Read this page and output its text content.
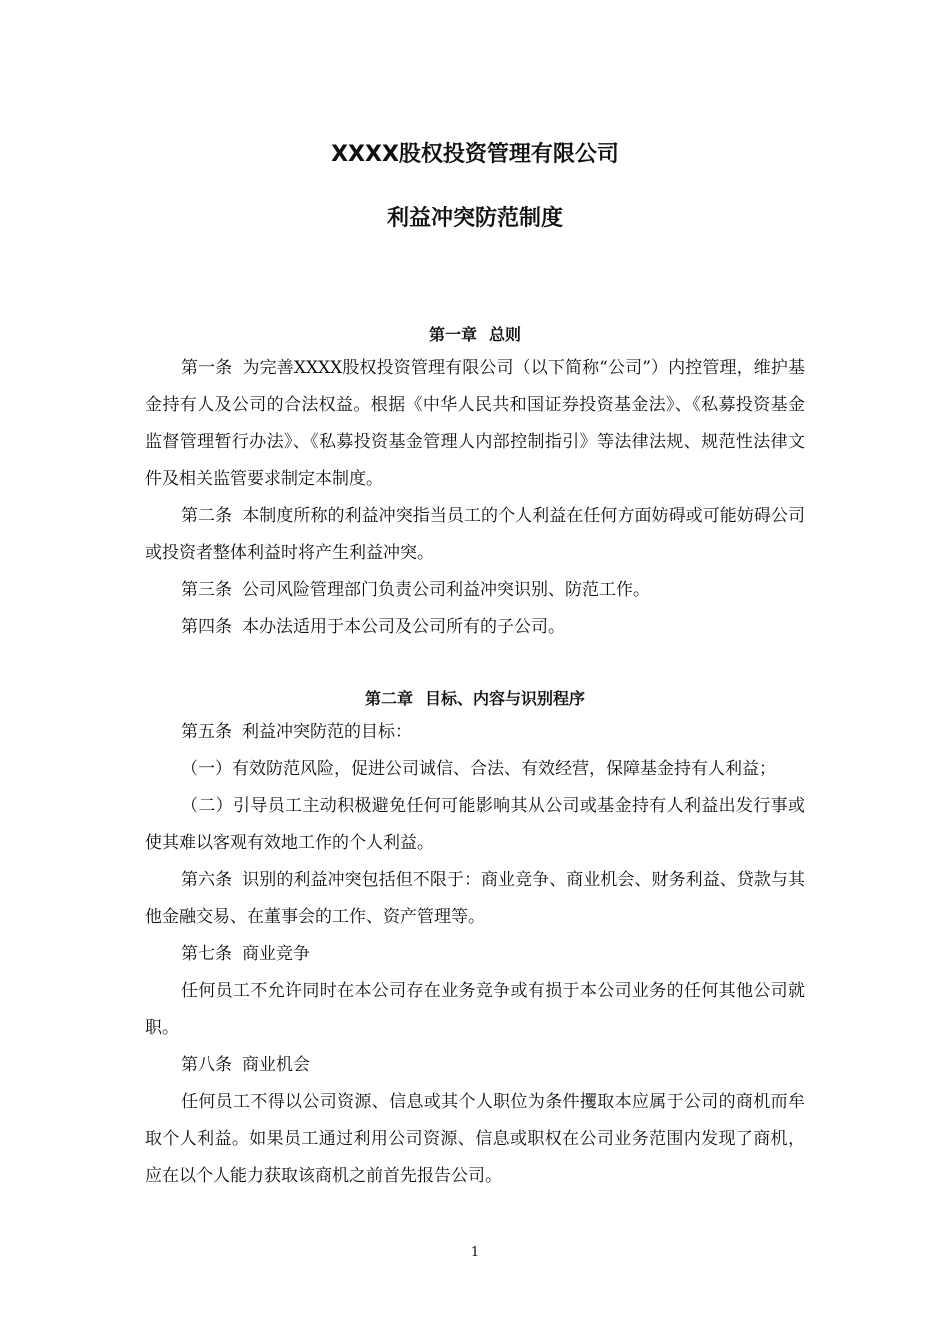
XXXX股权投资管理有限公司
利益冲突防范制度
第一章 总则

第一条 为完善XXXX股权投资管理有限公司（以下简称“公司”）内控管理，维护基金持有人及公司的合法权益。根据《中华人民共和国证券投资基金法》、《私募投资基金监督管理暂行办法》、《私募投资基金管理人内部控制指引》等法律法规、规范性法律文件及相关监管要求制定本制度。

第二条 本制度所称的利益冲突指当员工的个人利益在任何方面妨碍或可能妨碍公司或投资者整体利益时将产生利益冲突。

第三条 公司风险管理部门负责公司利益冲突识别、防范工作。

第四条 本办法适用于本公司及公司所有的子公司。

第二章 目标、内容与识别程序

第五条 利益冲突防范的目标：

（一）有效防范风险，促进公司诚信、合法、有效经营，保障基金持有人利益；

（二）引导员工主动积极避免任何可能影响其从公司或基金持有人利益出发行事或使其难以客观有效地工作的个人利益。

第六条 识别的利益冲突包括但不限于：商业竞争、商业机会、财务利益、贷款与其他金融交易、在董事会的工作、资产管理等。

第七条 商业竞争

任何员工不允许同时在本公司存在业务竞争或有损于本公司业务的任何其他公司就职。

第八条 商业机会

任何员工不得以公司资源、信息或其个人职位为条件攫取本应属于公司的商机而牟取个人利益。如果员工通过利用公司资源、信息或职权在公司业务范围内发现了商机，应在以个人能力获取该商机之前首先报告公司。

1
